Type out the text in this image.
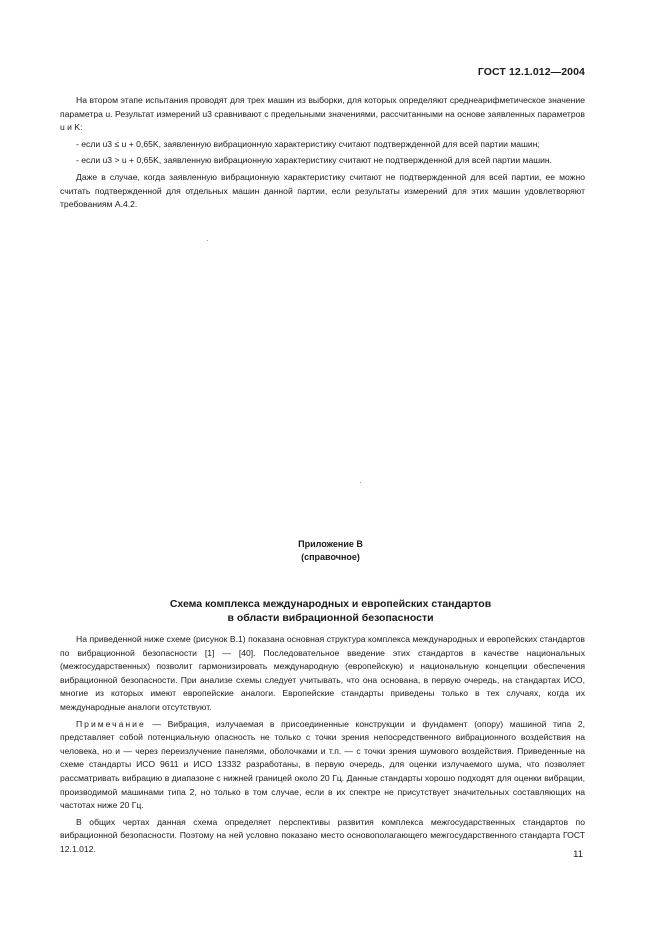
ГОСТ 12.1.012—2004

На втором этапе испытания проводят для трех машин из выборки, для которых определяют среднеарифметическое значение параметра u. Результат измерений u3 сравнивают с предельными значениями, рассчитанными на основе заявленных параметров u и K:

- если u3 ≤ u + 0,65K, заявленную вибрационную характеристику считают подтвержденной для всей партии машин;

- если u3 > u + 0,65K, заявленную вибрационную характеристику считают не подтвержденной для всей партии машин.

Даже в случае, когда заявленную вибрационную характеристику считают не подтвержденной для всей партии, ее можно считать подтвержденной для отдельных машин данной партии, если результаты измерений для этих машин удовлетворяют требованиям А.4.2.

Приложение В
(справочное)
Схема комплекса международных и европейских стандартов
в области вибрационной безопасности

На приведенной ниже схеме (рисунок В.1) показана основная структура комплекса международных и европейских стандартов по вибрационной безопасности [1] — [40]. Последовательное введение этих стандартов в качестве национальных (межгосударственных) позволит гармонизировать международную (европейскую) и национальную концепции обеспечения вибрационной безопасности. При анализе схемы следует учитывать, что она основана, в первую очередь, на стандартах ИСО, многие из которых имеют европейские аналоги. Европейские стандарты приведены только в тех случаях, когда их международные аналоги отсутствуют.

Примечание — Вибрация, излучаемая в присоединенные конструкции и фундамент (опору) машиной типа 2, представляет собой потенциальную опасность не только с точки зрения непосредственного вибрационного воздействия на человека, но и — через переизлучение панелями, оболочками и т.п. — с точки зрения шумового воздействия. Приведенные на схеме стандарты ИСО 9611 и ИСО 13332 разработаны, в первую очередь, для оценки излучаемого шума, что позволяет рассматривать вибрацию в диапазоне с нижней границей около 20 Гц. Данные стандарты хорошо подходят для оценки вибрации, производимой машинами типа 2, но только в том случае, если в их спектре не присутствует значительных составляющих на частотах ниже 20 Гц.

В общих чертах данная схема определяет перспективы развития комплекса межгосударственных стандартов по вибрационной безопасности. Поэтому на ней условно показано место основополагающего межгосударственного стандарта ГОСТ 12.1.012.

11
